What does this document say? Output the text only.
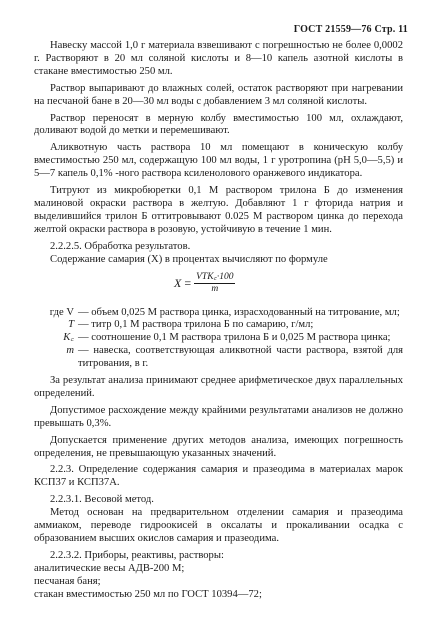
ГОСТ 21559—76 Стр. 11

Навеску массой 1,0 г материала взвешивают с погрешностью не более 0,0002 г. Растворяют в 20 мл соляной кислоты и 8—10 капель азотной кислоты в стакане вместимостью 250 мл.

Раствор выпаривают до влажных солей, остаток растворяют при нагревании на песчаной бане в 20—30 мл воды с добавлением 3 мл соляной кислоты.

Раствор переносят в мерную колбу вместимостью 100 мл, охлаждают, доливают водой до метки и перемешивают.

Аликвотную часть раствора 10 мл помещают в коническую колбу вместимостью 250 мл, содержащую 100 мл воды, 1 г уротропина (рН 5,0—5,5) и 5—7 капель 0,1% -ного раствора ксиленолового оранжевого индикатора.

Титруют из микробюретки 0,1 М раствором трилона Б до изменения малиновой окраски раствора в желтую. Добавляют 1 г фторида натрия и выделившийся трилон Б оттитровывают 0.025 М раствором цинка до перехода желтой окраски раствора в розовую, устойчивую в течение 1 мин.

2.2.2.5. Обработка результатов.

Содержание самария (X) в процентах вычисляют по формуле

$X = \frac{\text{VTK꜀·100}}{m}$
где V — объем 0,025 М раствора цинка, израсходованный на титрование, мл;
T — титр 0,1 М раствора трилона Б по самарию, г/мл;
K꜀ — соотношение 0,1 М раствора трилона Б и 0,025 М раствора цинка;
m — навеска, соответствующая аликвотной части раствора, взятой для титрования, в г.

За результат анализа принимают среднее арифметическое двух параллельных определений.

Допустимое расхождение между крайними результатами анализов не должно превышать 0,3%.

Допускается применение других методов анализа, имеющих погрешность определения, не превышающую указанных значений.

2.2.3. Определение содержания самария и празеодима в материалах марок КСП37 и КСП37А.

2.2.3.1. Весовой метод.

Метод основан на предварительном отделении самария и празеодима аммиаком, переводе гидроокисей в оксалаты и прокаливании осадка с образованием высших окислов самария и празеодима.

2.2.3.2. Приборы, реактивы, растворы:

аналитические весы АДВ-200 М;

песчаная баня;

стакан вместимостью 250 мл по ГОСТ 10394—72;
